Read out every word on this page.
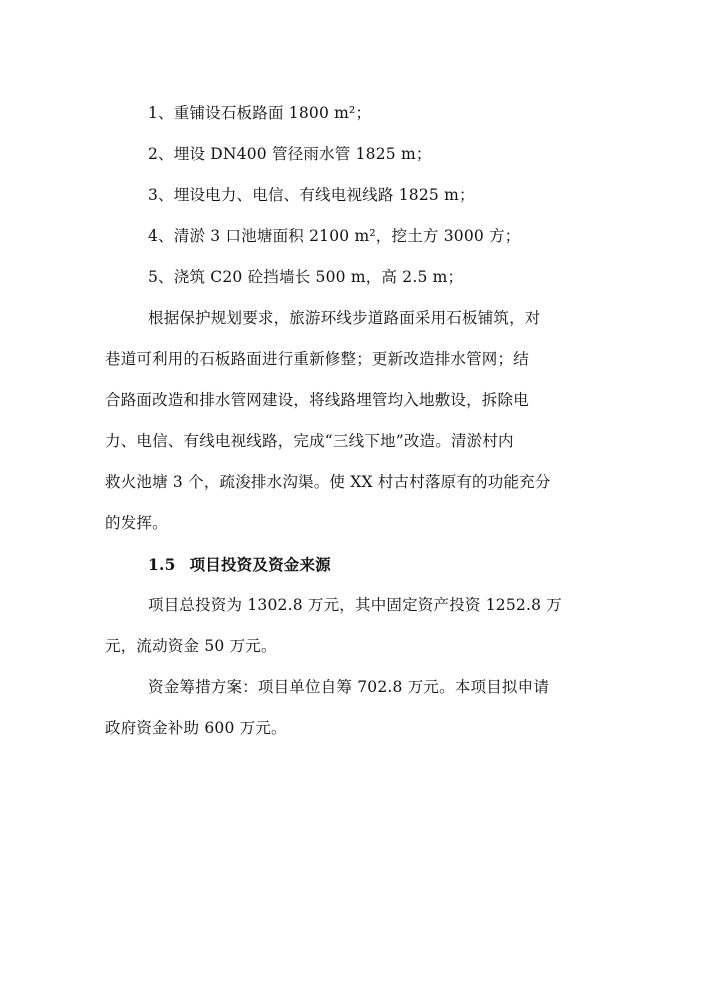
1、重铺设石板路面 1800 m²；
2、埋设 DN400 管径雨水管 1825 m；
3、埋设电力、电信、有线电视线路 1825 m；
4、清淤 3 口池塘面积 2100 m²，挖土方 3000 方；
5、浇筑 C20 砼挡墙长 500 m，高 2.5 m；
根据保护规划要求，旅游环线步道路面采用石板铺筑，对
巷道可利用的石板路面进行重新修整；更新改造排水管网；结
合路面改造和排水管网建设，将线路埋管均入地敷设，拆除电
力、电信、有线电视线路，完成“三线下地”改造。清淤村内
救火池塘 3 个，疏浚排水沟渠。使 XX 村古村落原有的功能充分
的发挥。
1.5 项目投资及资金来源
项目总投资为 1302.8 万元，其中固定资产投资 1252.8 万
元，流动资金 50 万元。
资金筹措方案：项目单位自筹 702.8 万元。本项目拟申请
政府资金补助 600 万元。
